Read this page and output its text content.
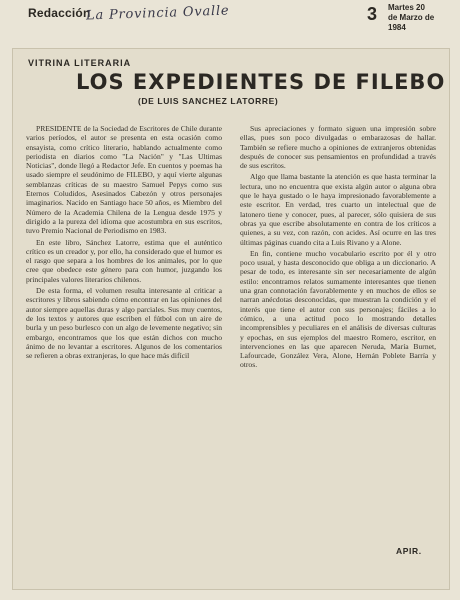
Redacción
La Provincia Ovalle	3 Martes 20
de Marzo de
1984
VITRINA LITERARIA
LOS EXPEDIENTES DE FILEBO
(DE LUIS SANCHEZ LATORRE)

PRESIDENTE de la Sociedad de Escritores de Chile durante varios períodos, el autor se presenta en esta ocasión como ensayista, como crítico literario, hablando actualmente como periodista en diarios como "La Nación" y "Las Ultimas Noticias", donde llegó a Redactor Jefe. En cuentos y poemas ha usado siempre el seudónimo de FILEBO, y aquí vierte algunas semblanzas críticas de su maestro Samuel Pepys como sus Eternos Coludidos, Asesinados Cabezón y otros personajes imaginarios. Nacido en Santiago hace 50 años, es Miembro del Número de la Academia Chilena de la Lengua desde 1975 y dirigido a la pureza del idioma que acostumbra en sus escritos, tuvo Premio Nacional de Periodismo en 1983.

En este libro, Sánchez Latorre, estima que el auténtico crítico es un creador y, por ello, ha considerado que el humor es el rasgo que separa a los hombres de los animales, por lo que cree que obedece este género para con humor, juzgando los principales valores literarios chilenos.

De esta forma, el volumen resulta interesante al criticar a escritores y libros sabiendo cómo encontrar en las opiniones del autor siempre aquellas duras y algo parciales. Sus muy cuentos, de los textos y autores que escriben el fútbol con un aire de burla y un peso burlesco con un algo de levemente negativo; sin embargo, encontramos que los que están dichos con mucho ánimo de no levantar a escritores. Algunos de los comentarios se refieren a obras extranjeras, lo que hace más difícil

Sus apreciaciones y formato siguen una impresión sobre ellas, pues son poco divulgadas o embarazosas de hallar. También se refiere mucho a opiniones de extranjeros obtenidas después de conocer sus pensamientos en profundidad a través de sus escritos.

Algo que llama bastante la atención es que hasta terminar la lectura, uno no encuentra que exista algún autor o alguna obra que le haya gustado o le haya impresionado favorablemente a este escritor. En verdad, tres cuarto un intelectual que de latonero tiene y conocer, pues, al parecer, sólo quisiera de sus obras ya que escribe absolutamente en contra de los críticos a quienes, a su vez, con razón, con acides. Así ocurre en las tres últimas páginas cuando cita a Luis Rivano y a Alone.

En fin, contiene mucho vocabulario escrito por él y otro poco usual, y hasta desconocido que obliga a un diccionario. A pesar de todo, es interesante sin ser necesariamente de algún estilo: encontramos relatos sumamente interesantes que tienen una gran connotación favorablemente y en muchos de ellos se narran anécdotas desconocidas, que muestran la condición y el interés que tiene el autor con sus personajes; fáciles a lo cómico, a una actitud poco lo mostrando detalles incomprensibles y peculiares en el análisis de diversas culturas y epochas, en sus ejemplos del maestro Romero, escritor, en intervenciones en las que aparecen Neruda, María Burnet, Lafourcade, González Vera, Alone, Hernán Poblete Barría y otros.

APIR.
